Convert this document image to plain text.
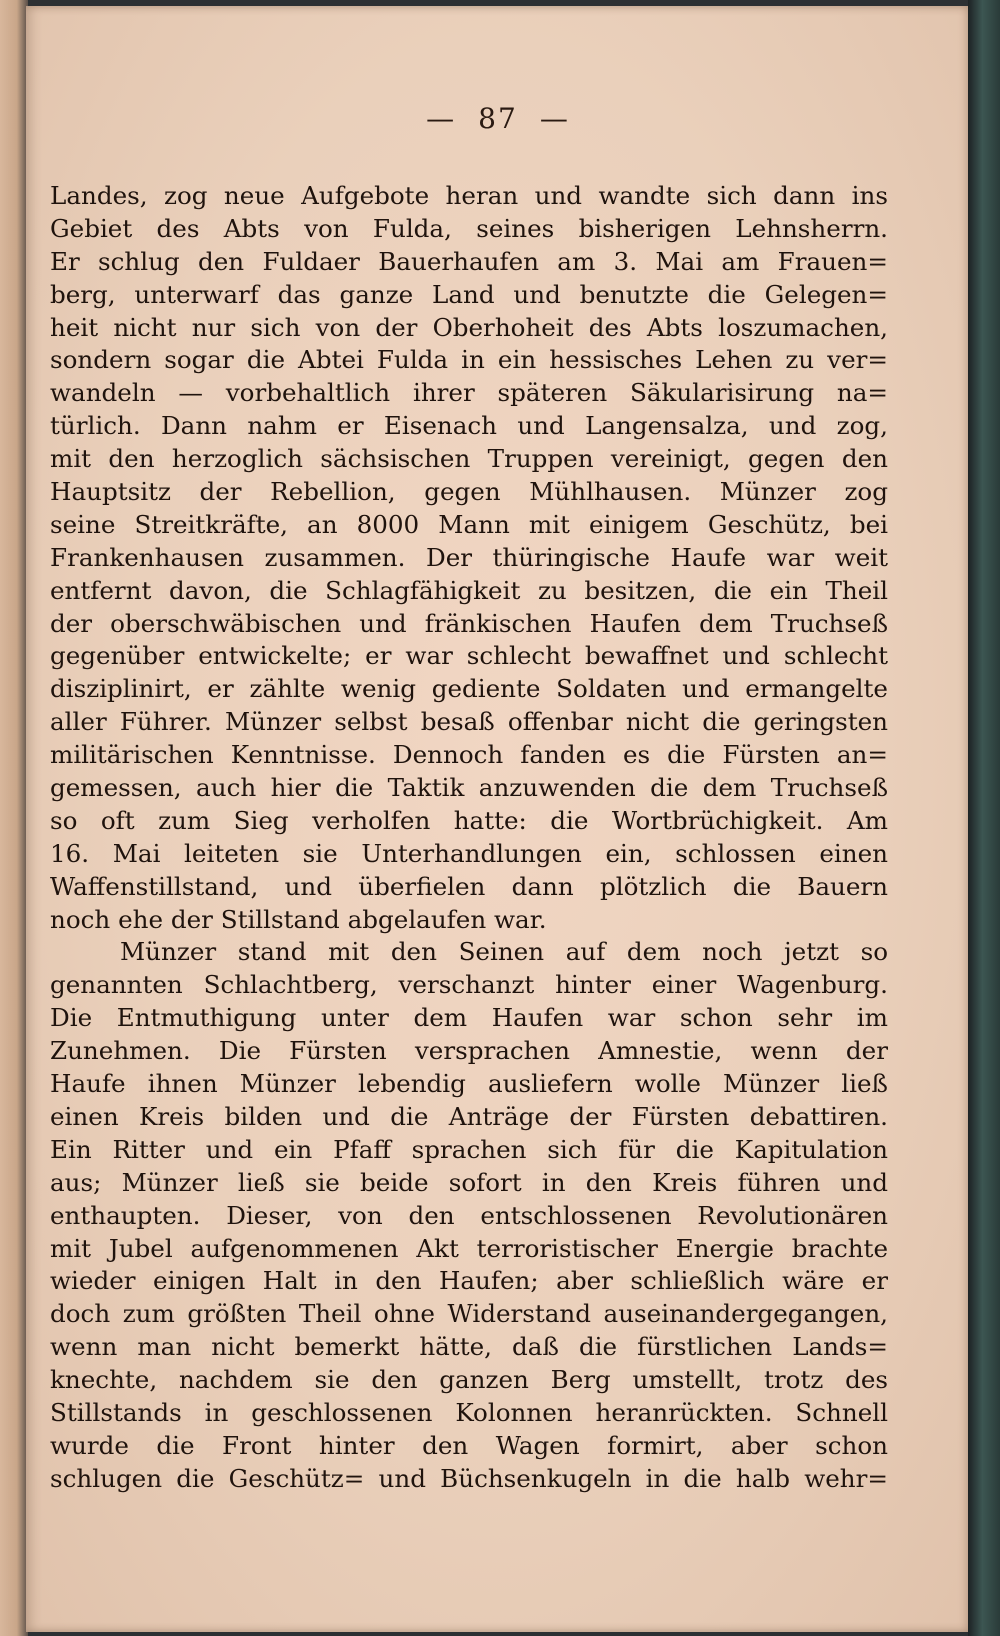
— 87 —
Landes, zog neue Aufgebote heran und wandte sich dann ins
Gebiet des Abts von Fulda, seines bisherigen Lehnsherrn.
Er schlug den Fuldaer Bauerhaufen am 3. Mai am Frauen=
berg, unterwarf das ganze Land und benutzte die Gelegen=
heit nicht nur sich von der Oberhoheit des Abts loszumachen,
sondern sogar die Abtei Fulda in ein hessisches Lehen zu ver=
wandeln — vorbehaltlich ihrer späteren Säkularisirung na=
türlich. Dann nahm er Eisenach und Langensalza, und zog,
mit den herzoglich sächsischen Truppen vereinigt, gegen den
Hauptsitz der Rebellion, gegen Mühlhausen. Münzer zog
seine Streitkräfte, an 8000 Mann mit einigem Geschütz, bei
Frankenhausen zusammen. Der thüringische Haufe war weit
entfernt davon, die Schlagfähigkeit zu besitzen, die ein Theil
der oberschwäbischen und fränkischen Haufen dem Truchseß
gegenüber entwickelte; er war schlecht bewaffnet und schlecht
disziplinirt, er zählte wenig gediente Soldaten und ermangelte
aller Führer. Münzer selbst besaß offenbar nicht die geringsten
militärischen Kenntnisse. Dennoch fanden es die Fürsten an=
gemessen, auch hier die Taktik anzuwenden die dem Truchseß
so oft zum Sieg verholfen hatte: die Wortbrüchigkeit. Am
16. Mai leiteten sie Unterhandlungen ein, schlossen einen
Waffenstillstand, und überfielen dann plötzlich die Bauern
noch ehe der Stillstand abgelaufen war.
Münzer stand mit den Seinen auf dem noch jetzt so
genannten Schlachtberg, verschanzt hinter einer Wagenburg.
Die Entmuthigung unter dem Haufen war schon sehr im
Zunehmen. Die Fürsten versprachen Amnestie, wenn der
Haufe ihnen Münzer lebendig ausliefern wolle Münzer ließ
einen Kreis bilden und die Anträge der Fürsten debattiren.
Ein Ritter und ein Pfaff sprachen sich für die Kapitulation
aus; Münzer ließ sie beide sofort in den Kreis führen und
enthaupten. Dieser, von den entschlossenen Revolutionären
mit Jubel aufgenommenen Akt terroristischer Energie brachte
wieder einigen Halt in den Haufen; aber schließlich wäre er
doch zum größten Theil ohne Widerstand auseinandergegangen,
wenn man nicht bemerkt hätte, daß die fürstlichen Lands=
knechte, nachdem sie den ganzen Berg umstellt, trotz des
Stillstands in geschlossenen Kolonnen heranrückten. Schnell
wurde die Front hinter den Wagen formirt, aber schon
schlugen die Geschütz= und Büchsenkugeln in die halb wehr=
